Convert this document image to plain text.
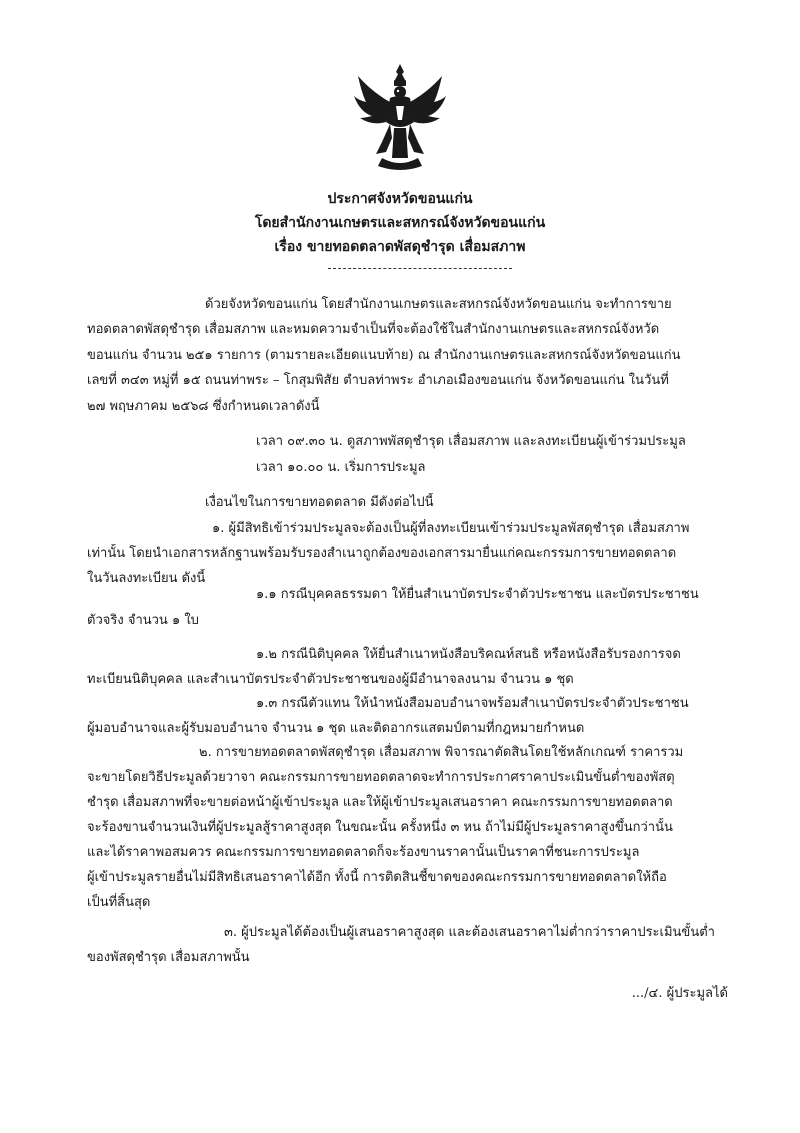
ประกาศจังหวัดขอนแก่น
โดยสำนักงานเกษตรและสหกรณ์จังหวัดขอนแก่น
เรื่อง ขายทอดตลาดพัสดุชำรุด เสื่อมสภาพ
ด้วยจังหวัดขอนแก่น โดยสำนักงานเกษตรและสหกรณ์จังหวัดขอนแก่น จะทำการขาย
ทอดตลาดพัสดุชำรุด เสื่อมสภาพ และหมดความจำเป็นที่จะต้องใช้ในสำนักงานเกษตรและสหกรณ์จังหวัด
ขอนแก่น จำนวน ๒๕๑ รายการ (ตามรายละเอียดแนบท้าย) ณ สำนักงานเกษตรและสหกรณ์จังหวัดขอนแก่น
เลขที่ ๓๔๓ หมู่ที่ ๑๕ ถนนท่าพระ – โกสุมพิสัย ตำบลท่าพระ อำเภอเมืองขอนแก่น จังหวัดขอนแก่น ในวันที่
๒๗ พฤษภาคม ๒๕๖๘ ซึ่งกำหนดเวลาดังนี้
เวลา ๐๙.๓๐ น. ดูสภาพพัสดุชำรุด เสื่อมสภาพ และลงทะเบียนผู้เข้าร่วมประมูล
เวลา ๑๐.๐๐ น. เริ่มการประมูล
เงื่อนไขในการขายทอดตลาด มีดังต่อไปนี้
๑. ผู้มีสิทธิเข้าร่วมประมูลจะต้องเป็นผู้ที่ลงทะเบียนเข้าร่วมประมูลพัสดุชำรุด เสื่อมสภาพ
เท่านั้น โดยนำเอกสารหลักฐานพร้อมรับรองสำเนาถูกต้องของเอกสารมายื่นแก่คณะกรรมการขายทอดตลาด
ในวันลงทะเบียน ดังนี้
๑.๑ กรณีบุคคลธรรมดา ให้ยื่นสำเนาบัตรประจำตัวประชาชน และบัตรประชาชน
ตัวจริง จำนวน ๑ ใบ
๑.๒ กรณีนิติบุคคล ให้ยื่นสำเนาหนังสือบริคณห์สนธิ หรือหนังสือรับรองการจด
ทะเบียนนิติบุคคล และสำเนาบัตรประจำตัวประชาชนของผู้มีอำนาจลงนาม จำนวน ๑ ชุด
๑.๓ กรณีตัวแทน ให้นำหนังสือมอบอำนาจพร้อมสำเนาบัตรประจำตัวประชาชน
ผู้มอบอำนาจและผู้รับมอบอำนาจ จำนวน ๑ ชุด และติดอากรแสตมป์ตามที่กฎหมายกำหนด
๒. การขายทอดตลาดพัสดุชำรุด เสื่อมสภาพ พิจารณาตัดสินโดยใช้หลักเกณฑ์ ราคารวม
จะขายโดยวิธีประมูลด้วยวาจา คณะกรรมการขายทอดตลาดจะทำการประกาศราคาประเมินขั้นต่ำของพัสดุ
ชำรุด เสื่อมสภาพที่จะขายต่อหน้าผู้เข้าประมูล และให้ผู้เข้าประมูลเสนอราคา คณะกรรมการขายทอดตลาด
จะร้องขานจำนวนเงินที่ผู้ประมูลสู้ราคาสูงสุด ในขณะนั้น ครั้งหนึ่ง ๓ หน ถ้าไม่มีผู้ประมูลราคาสูงขึ้นกว่านั้น
และได้ราคาพอสมควร คณะกรรมการขายทอดตลาดก็จะร้องขานราคานั้นเป็นราคาที่ชนะการประมูล
ผู้เข้าประมูลรายอื่นไม่มีสิทธิเสนอราคาได้อีก ทั้งนี้ การติดสินชี้ขาดของคณะกรรมการขายทอดตลาดให้ถือ
เป็นที่สิ้นสุด
๓. ผู้ประมูลได้ต้องเป็นผู้เสนอราคาสูงสุด และต้องเสนอราคาไม่ต่ำกว่าราคาประเมินขั้นต่ำ
ของพัสดุชำรุด เสื่อมสภาพนั้น
.../๔. ผู้ประมูลได้
